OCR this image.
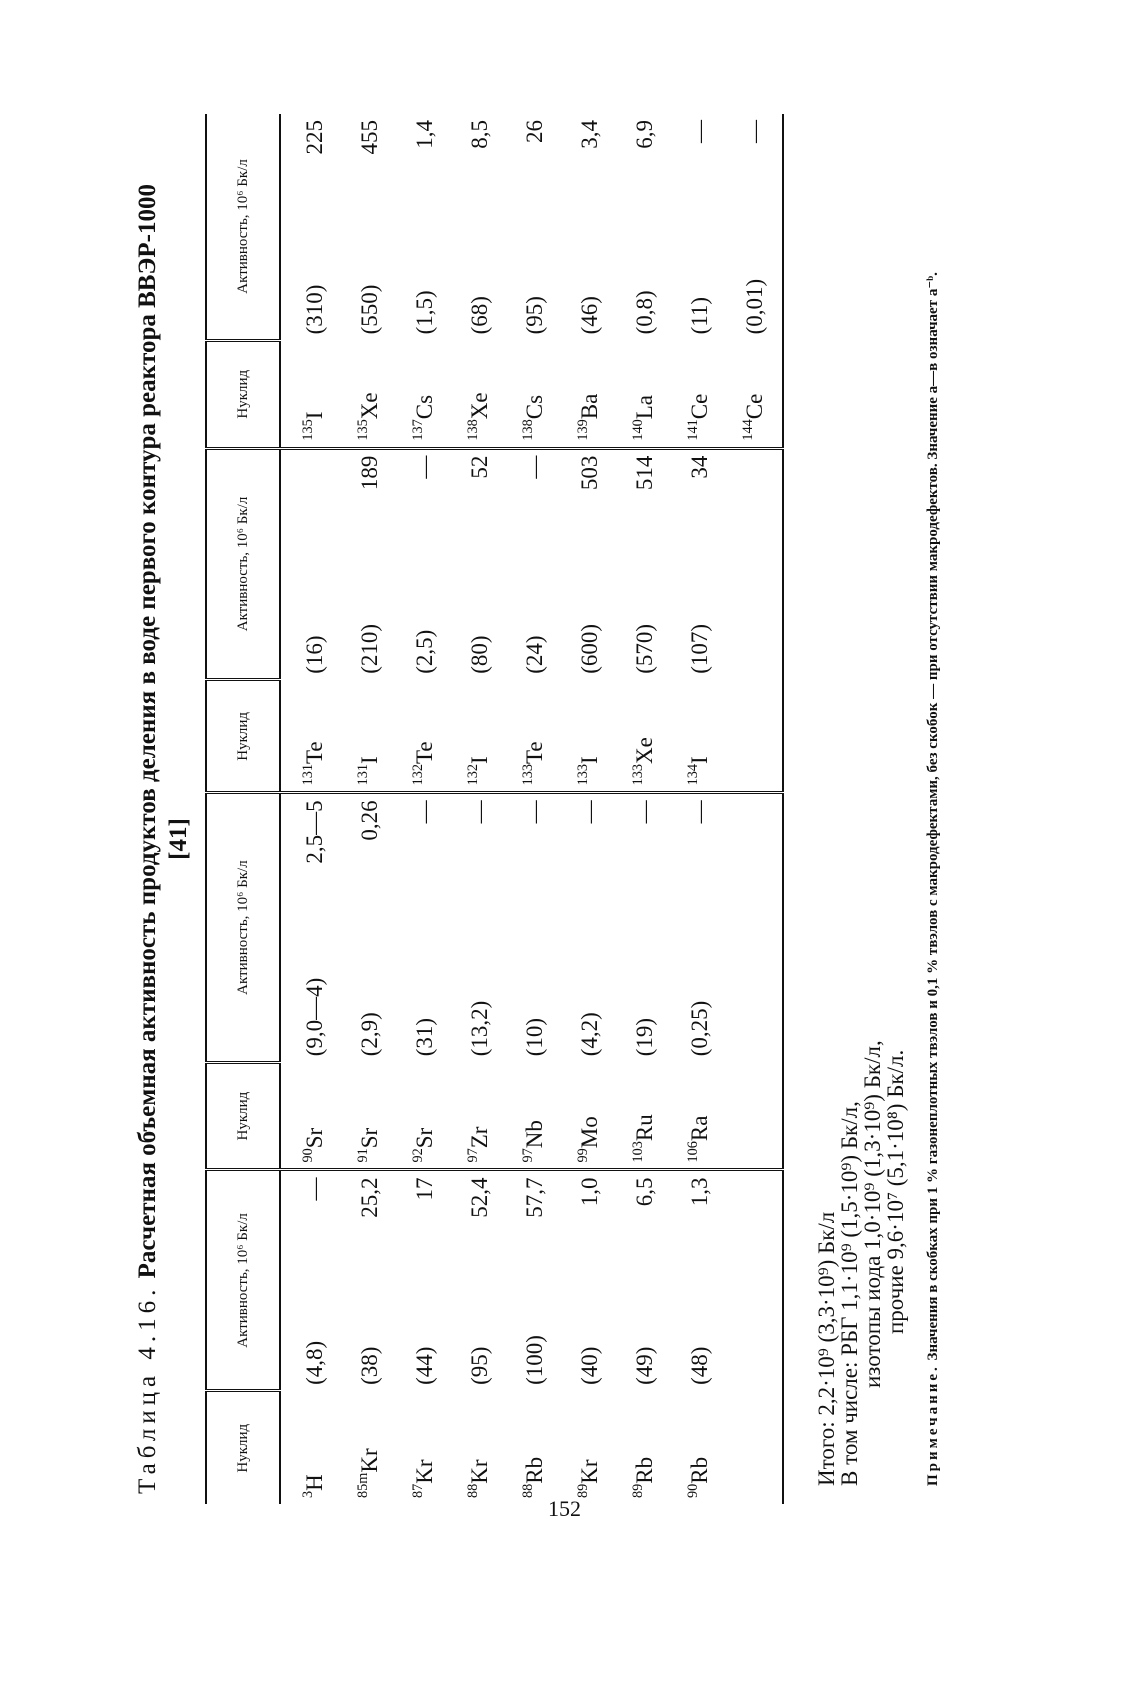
152
Таблица 4.16. Расчетная объемная активность продуктов деления в воде первого контура реактора ВВЭР-1000 [41]
Нуклид	Активность, 10⁶ Бк/л		Нуклид	Активность, 10⁶ Бк/л		Нуклид	Активность, 10⁶ Бк/л		Нуклид	Активность, 10⁶ Бк/л	
$^3$H	(4,8)	—	$^{90}$Sr	(9,0—4)	2,5—5	$^{131}$Te	(16)		$^{135}$I	(310)	225
$^{85m}$Kr	(38)	25,2	$^{91}$Sr	(2,9)	0,26	$^{131}$I	(210)	189	$^{135}$Xe	(550)	455
$^{87}$Kr	(44)	17	$^{92}$Sr	(31)	—	$^{132}$Te	(2,5)	—	$^{137}$Cs	(1,5)	1,4
$^{88}$Kr	(95)	52,4	$^{97}$Zr	(13,2)	—	$^{132}$I	(80)	52	$^{138}$Xe	(68)	8,5
$^{88}$Rb	(100)	57,7	$^{97}$Nb	(10)	—	$^{133}$Te	(24)	—	$^{138}$Cs	(95)	26
$^{89}$Kr	(40)	1,0	$^{99}$Mo	(4,2)	—	$^{133}$I	(600)	503	$^{139}$Ba	(46)	3,4
$^{89}$Rb	(49)	6,5	$^{103}$Ru	(19)	—	$^{133}$Xe	(570)	514	$^{140}$La	(0,8)	6,9
$^{90}$Rb	(48)	1,3	$^{106}$Ra	(0,25)	—	$^{134}$I	(107)	34	$^{141}$Ce	(11)	—
									$^{144}$Ce	(0,01)	—
Итого: 2,2·10⁹ (3,3·10⁹) Бк/л
В том числе: РБГ 1,1·10⁹ (1,5·10⁹) Бк/л,
изотопы иода 1,0·10⁹ (1,3·10⁹) Бк/л,
прочие 9,6·10⁷ (5,1·10⁸) Бк/л.
Примечание. Значения в скобках при 1 % газонеплотных твэлов и 0,1 % твэлов с макродефектами, без скобок — при отсутствии макродефектов. Значение а—в означает а⁻ᵇ.
